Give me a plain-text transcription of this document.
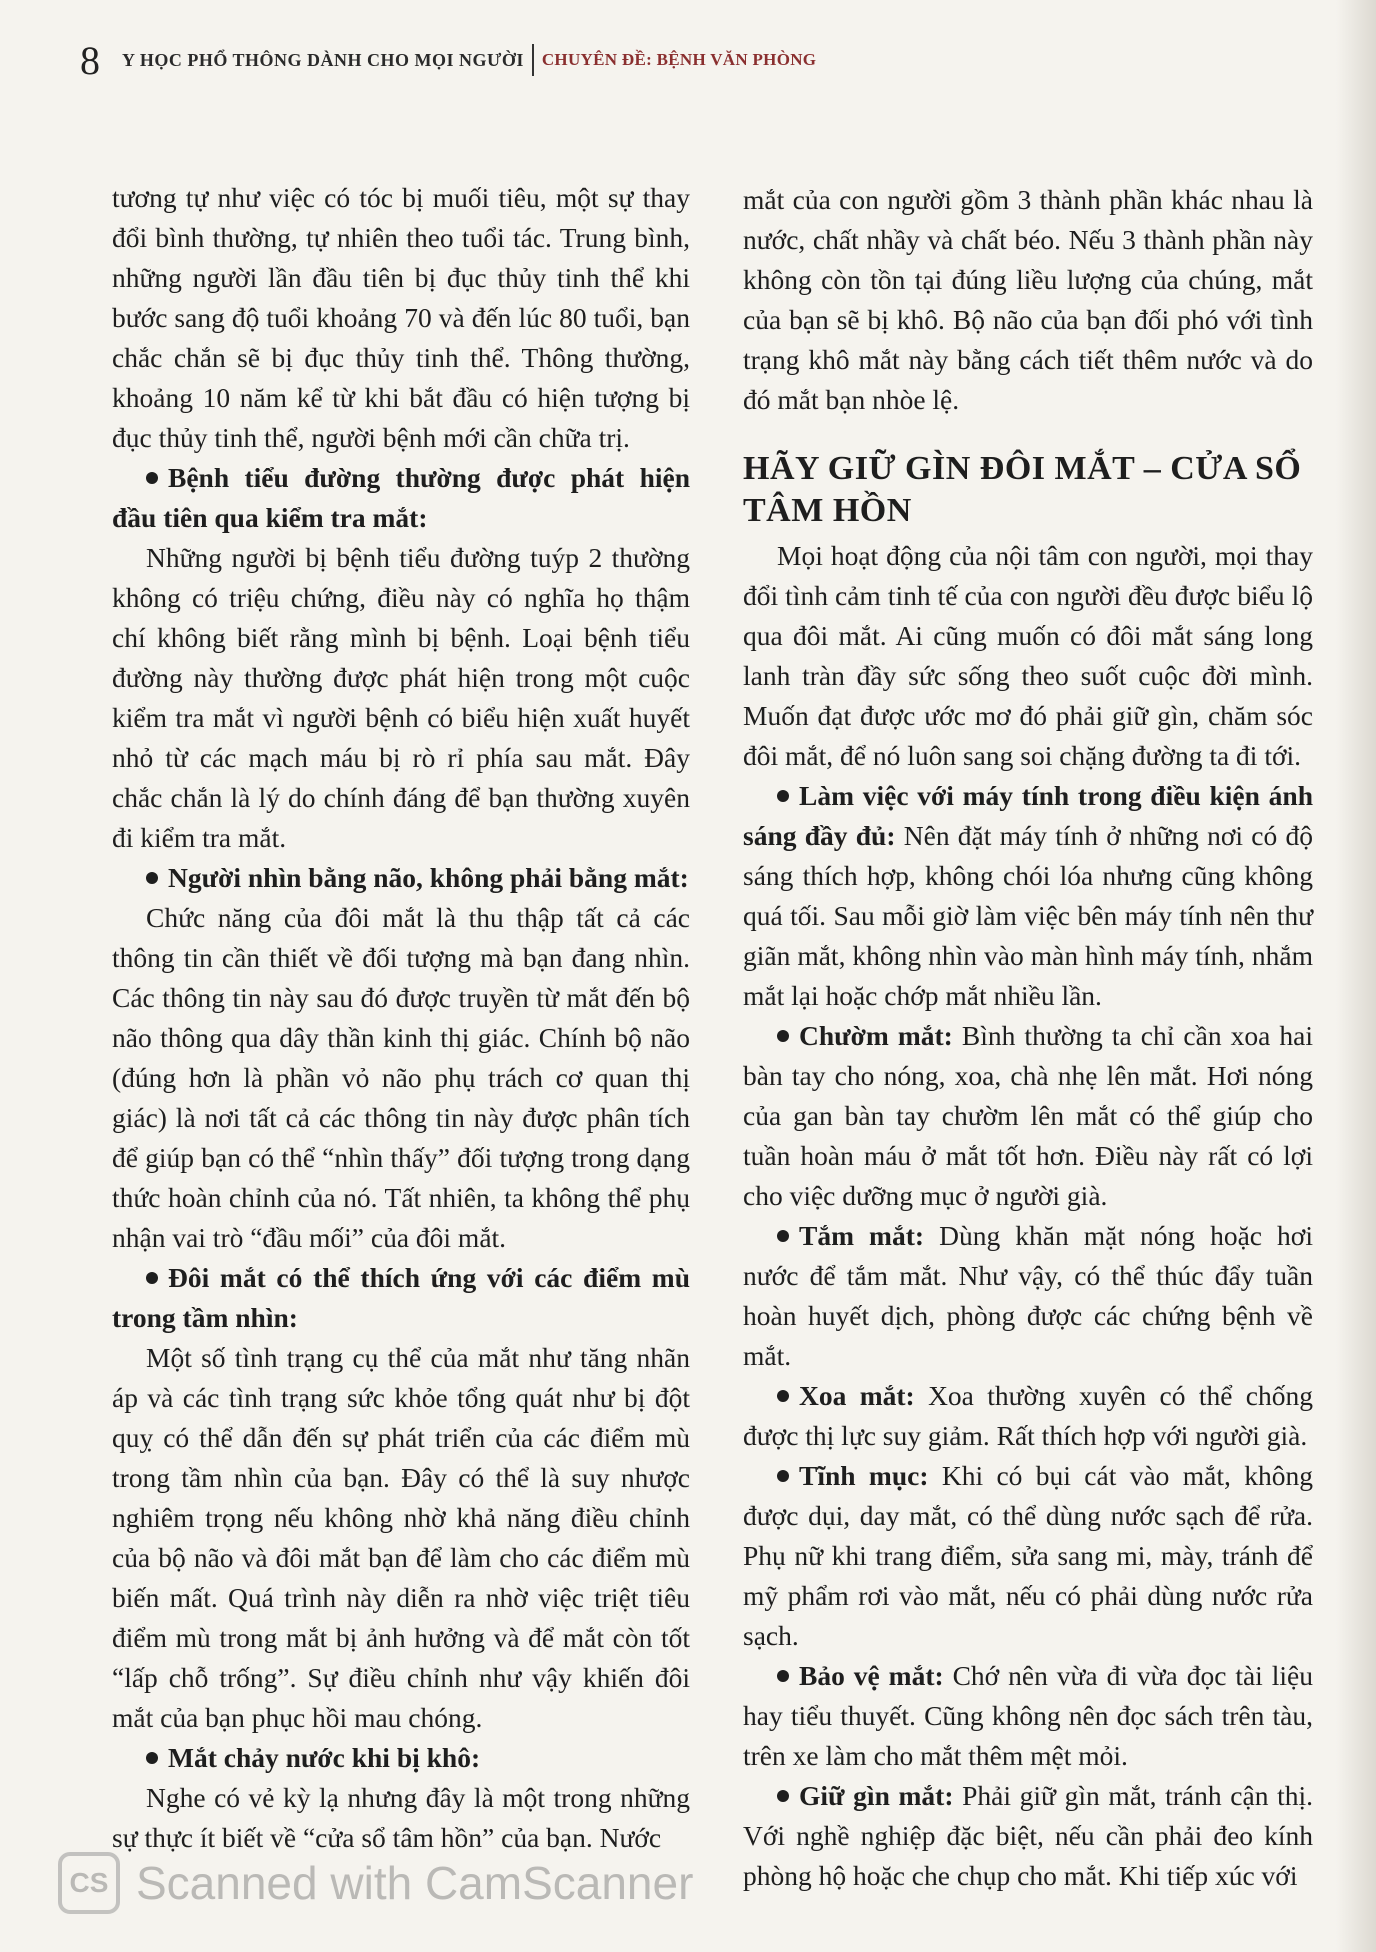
8 Y HỌC PHỔ THÔNG DÀNH CHO MỌI NGƯỜI CHUYÊN ĐỀ: BỆNH VĂN PHÒNG

tương tự như việc có tóc bị muối tiêu, một sự thay đổi bình thường, tự nhiên theo tuổi tác. Trung bình, những người lần đầu tiên bị đục thủy tinh thể khi bước sang độ tuổi khoảng 70 và đến lúc 80 tuổi, bạn chắc chắn sẽ bị đục thủy tinh thể. Thông thường, khoảng 10 năm kể từ khi bắt đầu có hiện tượng bị đục thủy tinh thể, người bệnh mới cần chữa trị.

Bệnh tiểu đường thường được phát hiện đầu tiên qua kiểm tra mắt:

Những người bị bệnh tiểu đường tuýp 2 thường không có triệu chứng, điều này có nghĩa họ thậm chí không biết rằng mình bị bệnh. Loại bệnh tiểu đường này thường được phát hiện trong một cuộc kiểm tra mắt vì người bệnh có biểu hiện xuất huyết nhỏ từ các mạch máu bị rò rỉ phía sau mắt. Đây chắc chắn là lý do chính đáng để bạn thường xuyên đi kiểm tra mắt.

Người nhìn bằng não, không phải bằng mắt:

Chức năng của đôi mắt là thu thập tất cả các thông tin cần thiết về đối tượng mà bạn đang nhìn. Các thông tin này sau đó được truyền từ mắt đến bộ não thông qua dây thần kinh thị giác. Chính bộ não (đúng hơn là phần vỏ não phụ trách cơ quan thị giác) là nơi tất cả các thông tin này được phân tích để giúp bạn có thể “nhìn thấy” đối tượng trong dạng thức hoàn chỉnh của nó. Tất nhiên, ta không thể phụ nhận vai trò “đầu mối” của đôi mắt.

Đôi mắt có thể thích ứng với các điểm mù trong tầm nhìn:

Một số tình trạng cụ thể của mắt như tăng nhãn áp và các tình trạng sức khỏe tổng quát như bị đột quỵ có thể dẫn đến sự phát triển của các điểm mù trong tầm nhìn của bạn. Đây có thể là suy nhược nghiêm trọng nếu không nhờ khả năng điều chỉnh của bộ não và đôi mắt bạn để làm cho các điểm mù biến mất. Quá trình này diễn ra nhờ việc triệt tiêu điểm mù trong mắt bị ảnh hưởng và để mắt còn tốt “lấp chỗ trống”. Sự điều chỉnh như vậy khiến đôi mắt của bạn phục hồi mau chóng.

Mắt chảy nước khi bị khô:

Nghe có vẻ kỳ lạ nhưng đây là một trong những sự thực ít biết về “cửa sổ tâm hồn” của bạn. Nước

mắt của con người gồm 3 thành phần khác nhau là nước, chất nhầy và chất béo. Nếu 3 thành phần này không còn tồn tại đúng liều lượng của chúng, mắt của bạn sẽ bị khô. Bộ não của bạn đối phó với tình trạng khô mắt này bằng cách tiết thêm nước và do đó mắt bạn nhòe lệ.

HÃY GIỮ GÌN ĐÔI MẮT – CỬA SỔ TÂM HỒN

Mọi hoạt động của nội tâm con người, mọi thay đổi tình cảm tinh tế của con người đều được biểu lộ qua đôi mắt. Ai cũng muốn có đôi mắt sáng long lanh tràn đầy sức sống theo suốt cuộc đời mình. Muốn đạt được ước mơ đó phải giữ gìn, chăm sóc đôi mắt, để nó luôn sang soi chặng đường ta đi tới.

Làm việc với máy tính trong điều kiện ánh sáng đầy đủ: Nên đặt máy tính ở những nơi có độ sáng thích hợp, không chói lóa nhưng cũng không quá tối. Sau mỗi giờ làm việc bên máy tính nên thư giãn mắt, không nhìn vào màn hình máy tính, nhắm mắt lại hoặc chớp mắt nhiều lần.

Chườm mắt: Bình thường ta chỉ cần xoa hai bàn tay cho nóng, xoa, chà nhẹ lên mắt. Hơi nóng của gan bàn tay chườm lên mắt có thể giúp cho tuần hoàn máu ở mắt tốt hơn. Điều này rất có lợi cho việc dưỡng mục ở người già.

Tắm mắt: Dùng khăn mặt nóng hoặc hơi nước để tắm mắt. Như vậy, có thể thúc đẩy tuần hoàn huyết dịch, phòng được các chứng bệnh về mắt.

Xoa mắt: Xoa thường xuyên có thể chống được thị lực suy giảm. Rất thích hợp với người già.

Tĩnh mục: Khi có bụi cát vào mắt, không được dụi, day mắt, có thể dùng nước sạch để rửa. Phụ nữ khi trang điểm, sửa sang mi, mày, tránh để mỹ phẩm rơi vào mắt, nếu có phải dùng nước rửa sạch.

Bảo vệ mắt: Chớ nên vừa đi vừa đọc tài liệu hay tiểu thuyết. Cũng không nên đọc sách trên tàu, trên xe làm cho mắt thêm mệt mỏi.

Giữ gìn mắt: Phải giữ gìn mắt, tránh cận thị. Với nghề nghiệp đặc biệt, nếu cần phải đeo kính phòng hộ hoặc che chụp cho mắt. Khi tiếp xúc với

CS Scanned with CamScanner
